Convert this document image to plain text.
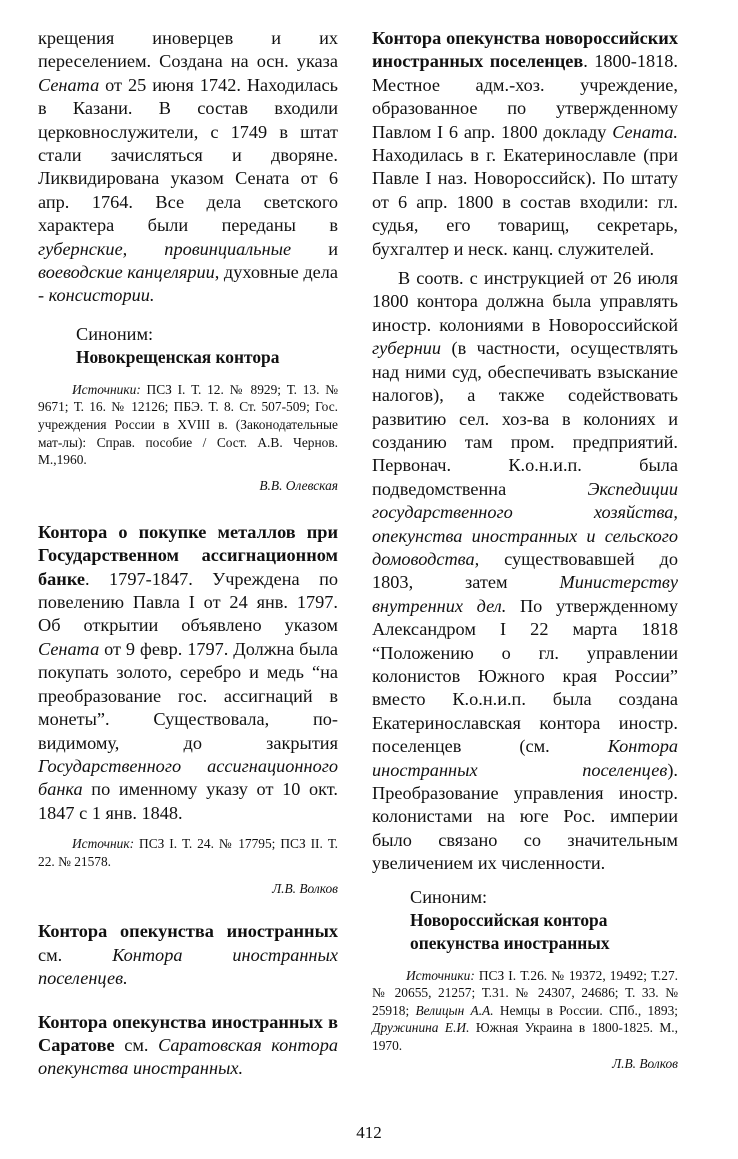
крещения иноверцев и их переселением. Создана на осн. указа Сената от 25 июня 1742. Находилась в Казани. В состав входили церковнослужители, с 1749 в штат стали зачисляться и дворяне. Ликвидирована указом Сената от 6 апр. 1764. Все дела светского характера были переданы в губернские, провинциальные и воеводские канцелярии, духовные дела - консистории.

Синоним:
Новокрещенская контора

Источники: ПСЗ I. Т. 12. № 8929; Т. 13. № 9671; Т. 16. № 12126; ПБЭ. Т. 8. Ст. 507-509; Гос. учреждения России в XVIII в. (Законодательные мат-лы): Справ. пособие / Сост. А.В. Чернов. М.,1960.

В.В. Олевская

Контора о покупке металлов при Государственном ассигнационном банке. 1797-1847. Учреждена по повелению Павла I от 24 янв. 1797. Об открытии объявлено указом Сената от 9 февр. 1797. Должна была покупать золото, серебро и медь “на преобразование гос. ассигнаций в монеты”. Существовала, по-видимому, до закрытия Государственного ассигнационного банка по именному указу от 10 окт. 1847 с 1 янв. 1848.

Источник: ПСЗ I. Т. 24. № 17795; ПСЗ II. Т. 22. № 21578.

Л.В. Волков

Контора опекунства иностранных см. Контора иностранных поселенцев.

Контора опекунства иностранных в Саратове см. Саратовская контора опекунства иностранных.

Контора опекунства новороссийских иностранных поселенцев. 1800-1818. Местное адм.-хоз. учреждение, образованное по утвержденному Павлом I 6 апр. 1800 докладу Сената. Находилась в г. Екатеринославле (при Павле I наз. Новороссийск). По штату от 6 апр. 1800 в состав входили: гл. судья, его товарищ, секретарь, бухгалтер и неск. канц. служителей.

В соотв. с инструкцией от 26 июля 1800 контора должна была управлять иностр. колониями в Новороссийской губернии (в частности, осуществлять над ними суд, обеспечивать взыскание налогов), а также содействовать развитию сел. хоз-ва в колониях и созданию там пром. предприятий. Первонач. К.о.н.и.п. была подведомственна Экспедиции государственного хозяйства, опекунства иностранных и сельского домоводства, существовавшей до 1803, затем Министерству внутренних дел. По утвержденному Александром I 22 марта 1818 “Положению о гл. управлении колонистов Южного края России” вместо К.о.н.и.п. была создана Екатеринославская контора иностр. поселенцев (см. Контора иностранных поселенцев). Преобразование управления иностр. колонистами на юге Рос. империи было связано со значительным увеличением их численности.

Синоним:
Новороссийская контора опекунства иностранных

Источники: ПСЗ I. Т.26. № 19372, 19492; Т.27. № 20655, 21257; Т.31. № 24307, 24686; Т. 33. № 25918; Велицын А.А. Немцы в России. СПб., 1893; Дружинина Е.И. Южная Украина в 1800-1825. М., 1970.

Л.В. Волков
412
